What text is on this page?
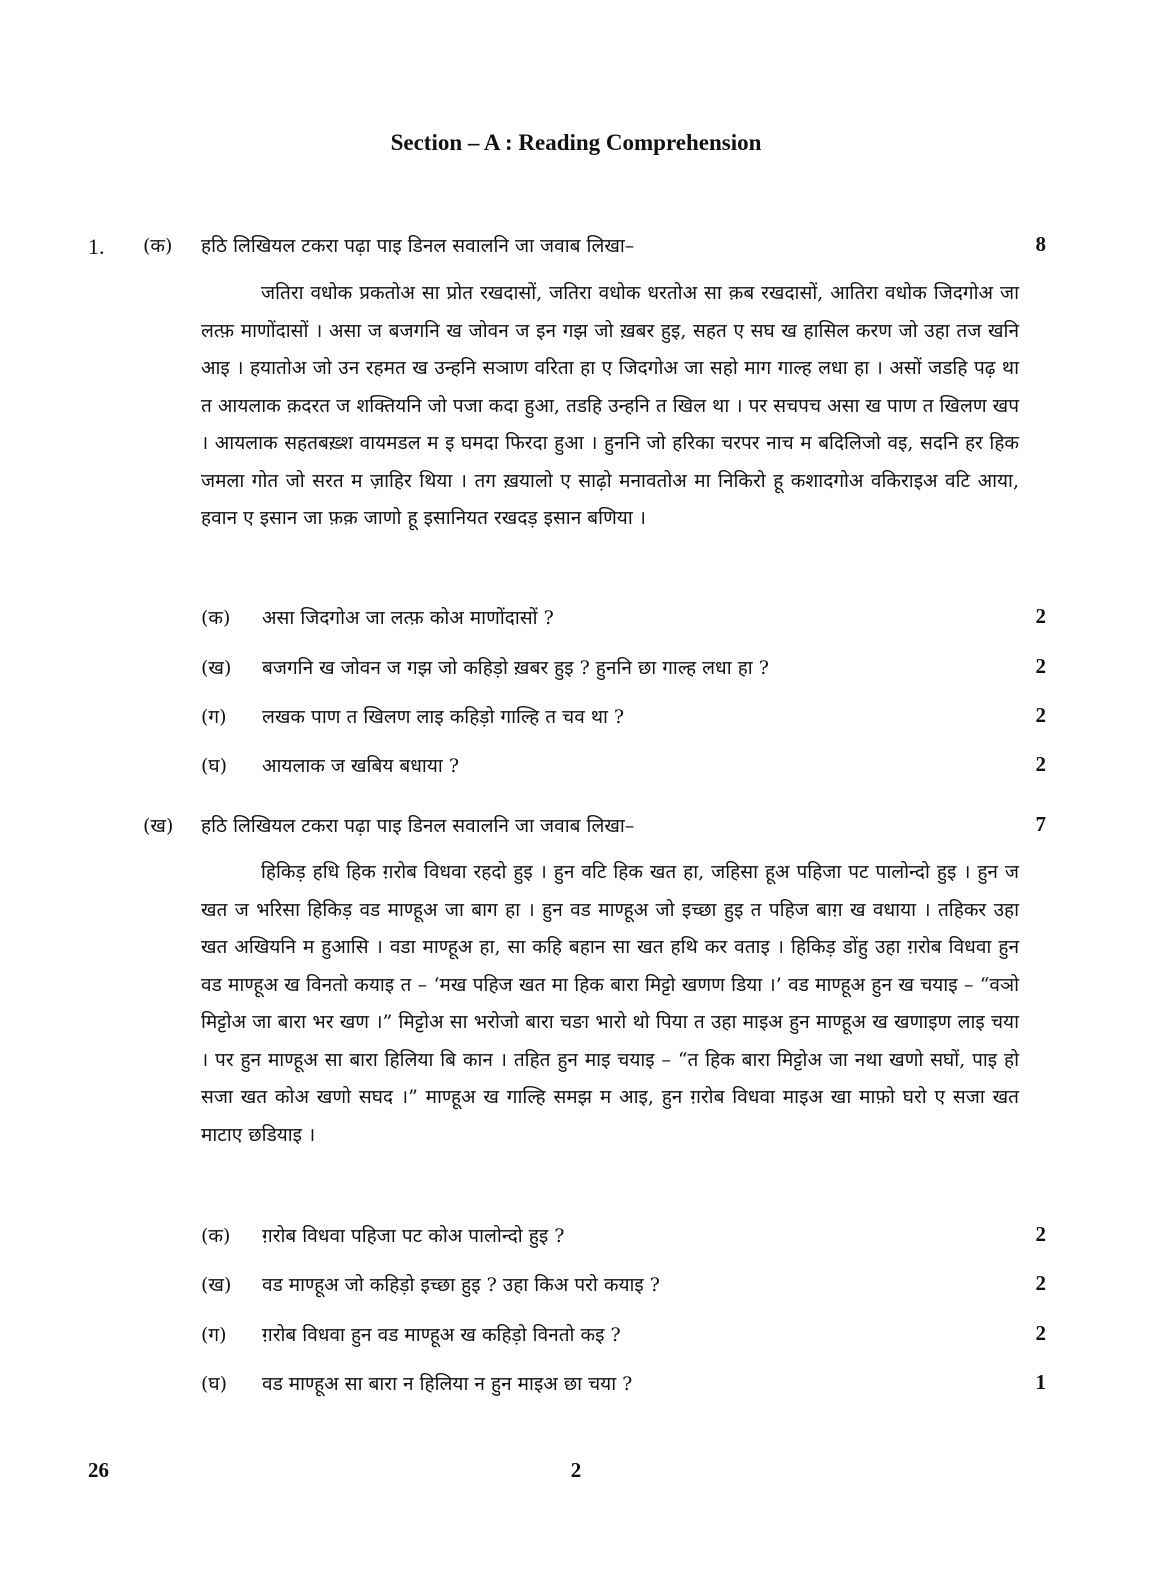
Section – A : Reading Comprehension
1. (क) हठि लिखियल टकरा पढ़ा पाइ डिनल सवालनि जा जवाब लिखा–	8

जतिरा वधोक प्रकतोअ सा प्रोत रखदासों, जतिरा वधोक धरतोअ सा क़ब रखदासों, आतिरा वधोक जिदगोअ जा लत्फ़ माणोंदासों । असा ज बजगनि ख जोवन ज इन गझ जो ख़बर हुइ, सहत ए सघ ख हासिल करण जो उहा तज खनि आइ । हयातोअ जो उन रहमत ख उन्हनि सञाण वरिता हा ए जिदगोअ जा सहो माग गाल्ह लधा हा । असों जडहि पढ़ था त आयलाक क़दरत ज शक्तियनि जो पजा कदा हुआ, तडहि उन्हनि त खिल था । पर सचपच असा ख पाण त खिलण खप । आयलाक सहतबख़्श वायमडल म इ घमदा फिरदा हुआ । हुननि जो हरिका चरपर नाच म बदिलिजो वइ, सदनि हर हिक जमला गोत जो सरत म ज़ाहिर थिया । तग ख़यालो ए साढ़ो मनावतोअ मा निकिरो हू कशादगोअ वकिराइअ वटि आया, हवान ए इसान जा फ़क़ जाणो हू इसानियत रखदड़ इसान बणिया ।

(क) असा जिदगोअ जा लत्फ़ कोअ माणोंदासों ?	2
(ख) बजगनि ख जोवन ज गझ जो कहिड़ो ख़बर हुइ ? हुननि छा गाल्ह लधा हा ?	2
(ग) लखक पाण त खिलण लाइ कहिड़ो गाल्हि त चव था ?	2
(घ) आयलाक ज खबिय बधाया ?	2
(ख) हठि लिखियल टकरा पढ़ा पाइ डिनल सवालनि जा जवाब लिखा–	7

हिकिड़ हधि हिक ग़रोब विधवा रहदो हुइ । हुन वटि हिक खत हा, जहिसा हूअ पहिजा पट पालोन्दो हुइ । हुन ज खत ज भरिसा हिकिड़ वड माण्हूअ जा बाग हा । हुन वड माण्हूअ जो इच्छा हुइ त पहिज बाग़ ख वधाया । तहिकर उहा खत अखियनि म हुआसि । वडा माण्हूअ हा, सा कहि बहान सा खत हथि कर वताइ । हिकिड़ डोंहु उहा ग़रोब विधवा हुन वड माण्हूअ ख विनतो कयाइ त – ‘मख पहिज खत मा हिक बारा मिट्टो खणण डिया ।’ वड माण्हूअ हुन ख चयाइ – “वञो मिट्टोअ जा बारा भर खण ।” मिट्टोअ सा भरोजो बारा चङा भारो थो पिया त उहा माइअ हुन माण्हूअ ख खणाइण लाइ चया । पर हुन माण्हूअ सा बारा हिलिया बि कान । तहित हुन माइ चयाइ – “त हिक बारा मिट्टोअ जा नथा खणो सघों, पाइ हो सजा खत कोअ खणो सघद ।” माण्हूअ ख गाल्हि समझ म आइ, हुन ग़रोब विधवा माइअ खा माफ़ो घरो ए सजा खत माटाए छडियाइ ।

(क) ग़रोब विधवा पहिजा पट कोअ पालोन्दो हुइ ?	2
(ख) वड माण्हूअ जो कहिड़ो इच्छा हुइ ? उहा किअ परो कयाइ ?	2
(ग) ग़रोब विधवा हुन वड माण्हूअ ख कहिड़ो विनतो कइ ?	2
(घ) वड माण्हूअ सा बारा न हिलिया न हुन माइअ छा चया ?	1
26	2
